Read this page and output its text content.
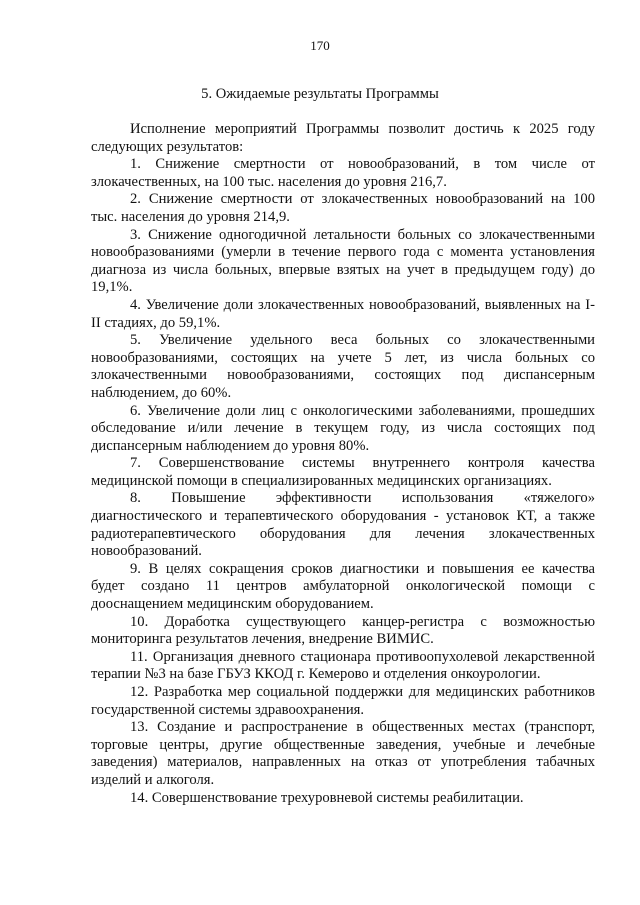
170
5. Ожидаемые результаты Программы

Исполнение мероприятий Программы позволит достичь к 2025 году следующих результатов:

1. Снижение смертности от новообразований, в том числе от злокачественных, на 100 тыс. населения до уровня 216,7.

2. Снижение смертности от злокачественных новообразований на 100 тыс. населения до уровня 214,9.

3. Снижение одногодичной летальности больных со злокачественными новообразованиями (умерли в течение первого года с момента установления диагноза из числа больных, впервые взятых на учет в предыдущем году) до 19,1%.

4. Увеличение доли злокачественных новообразований, выявленных на I-II стадиях, до 59,1%.

5. Увеличение удельного веса больных со злокачественными новообразованиями, состоящих на учете 5 лет, из числа больных со злокачественными новообразованиями, состоящих под диспансерным наблюдением, до 60%.

6. Увеличение доли лиц с онкологическими заболеваниями, прошедших обследование и/или лечение в текущем году, из числа состоящих под диспансерным наблюдением до уровня 80%.

7. Совершенствование системы внутреннего контроля качества медицинской помощи в специализированных медицинских организациях.

8. Повышение эффективности использования «тяжелого» диагностического и терапевтического оборудования - установок КТ, а также радиотерапевтического оборудования для лечения злокачественных новообразований.

9. В целях сокращения сроков диагностики и повышения ее качества будет создано 11 центров амбулаторной онкологической помощи с дооснащением медицинским оборудованием.

10. Доработка существующего канцер-регистра с возможностью мониторинга результатов лечения, внедрение ВИМИС.

11. Организация дневного стационара противоопухолевой лекарственной терапии №3 на базе ГБУЗ ККОД г. Кемерово и отделения онкоурологии.

12. Разработка мер социальной поддержки для медицинских работников государственной системы здравоохранения.

13. Создание и распространение в общественных местах (транспорт, торговые центры, другие общественные заведения, учебные и лечебные заведения) материалов, направленных на отказ от употребления табачных изделий и алкоголя.

14. Совершенствование трехуровневой системы реабилитации.
